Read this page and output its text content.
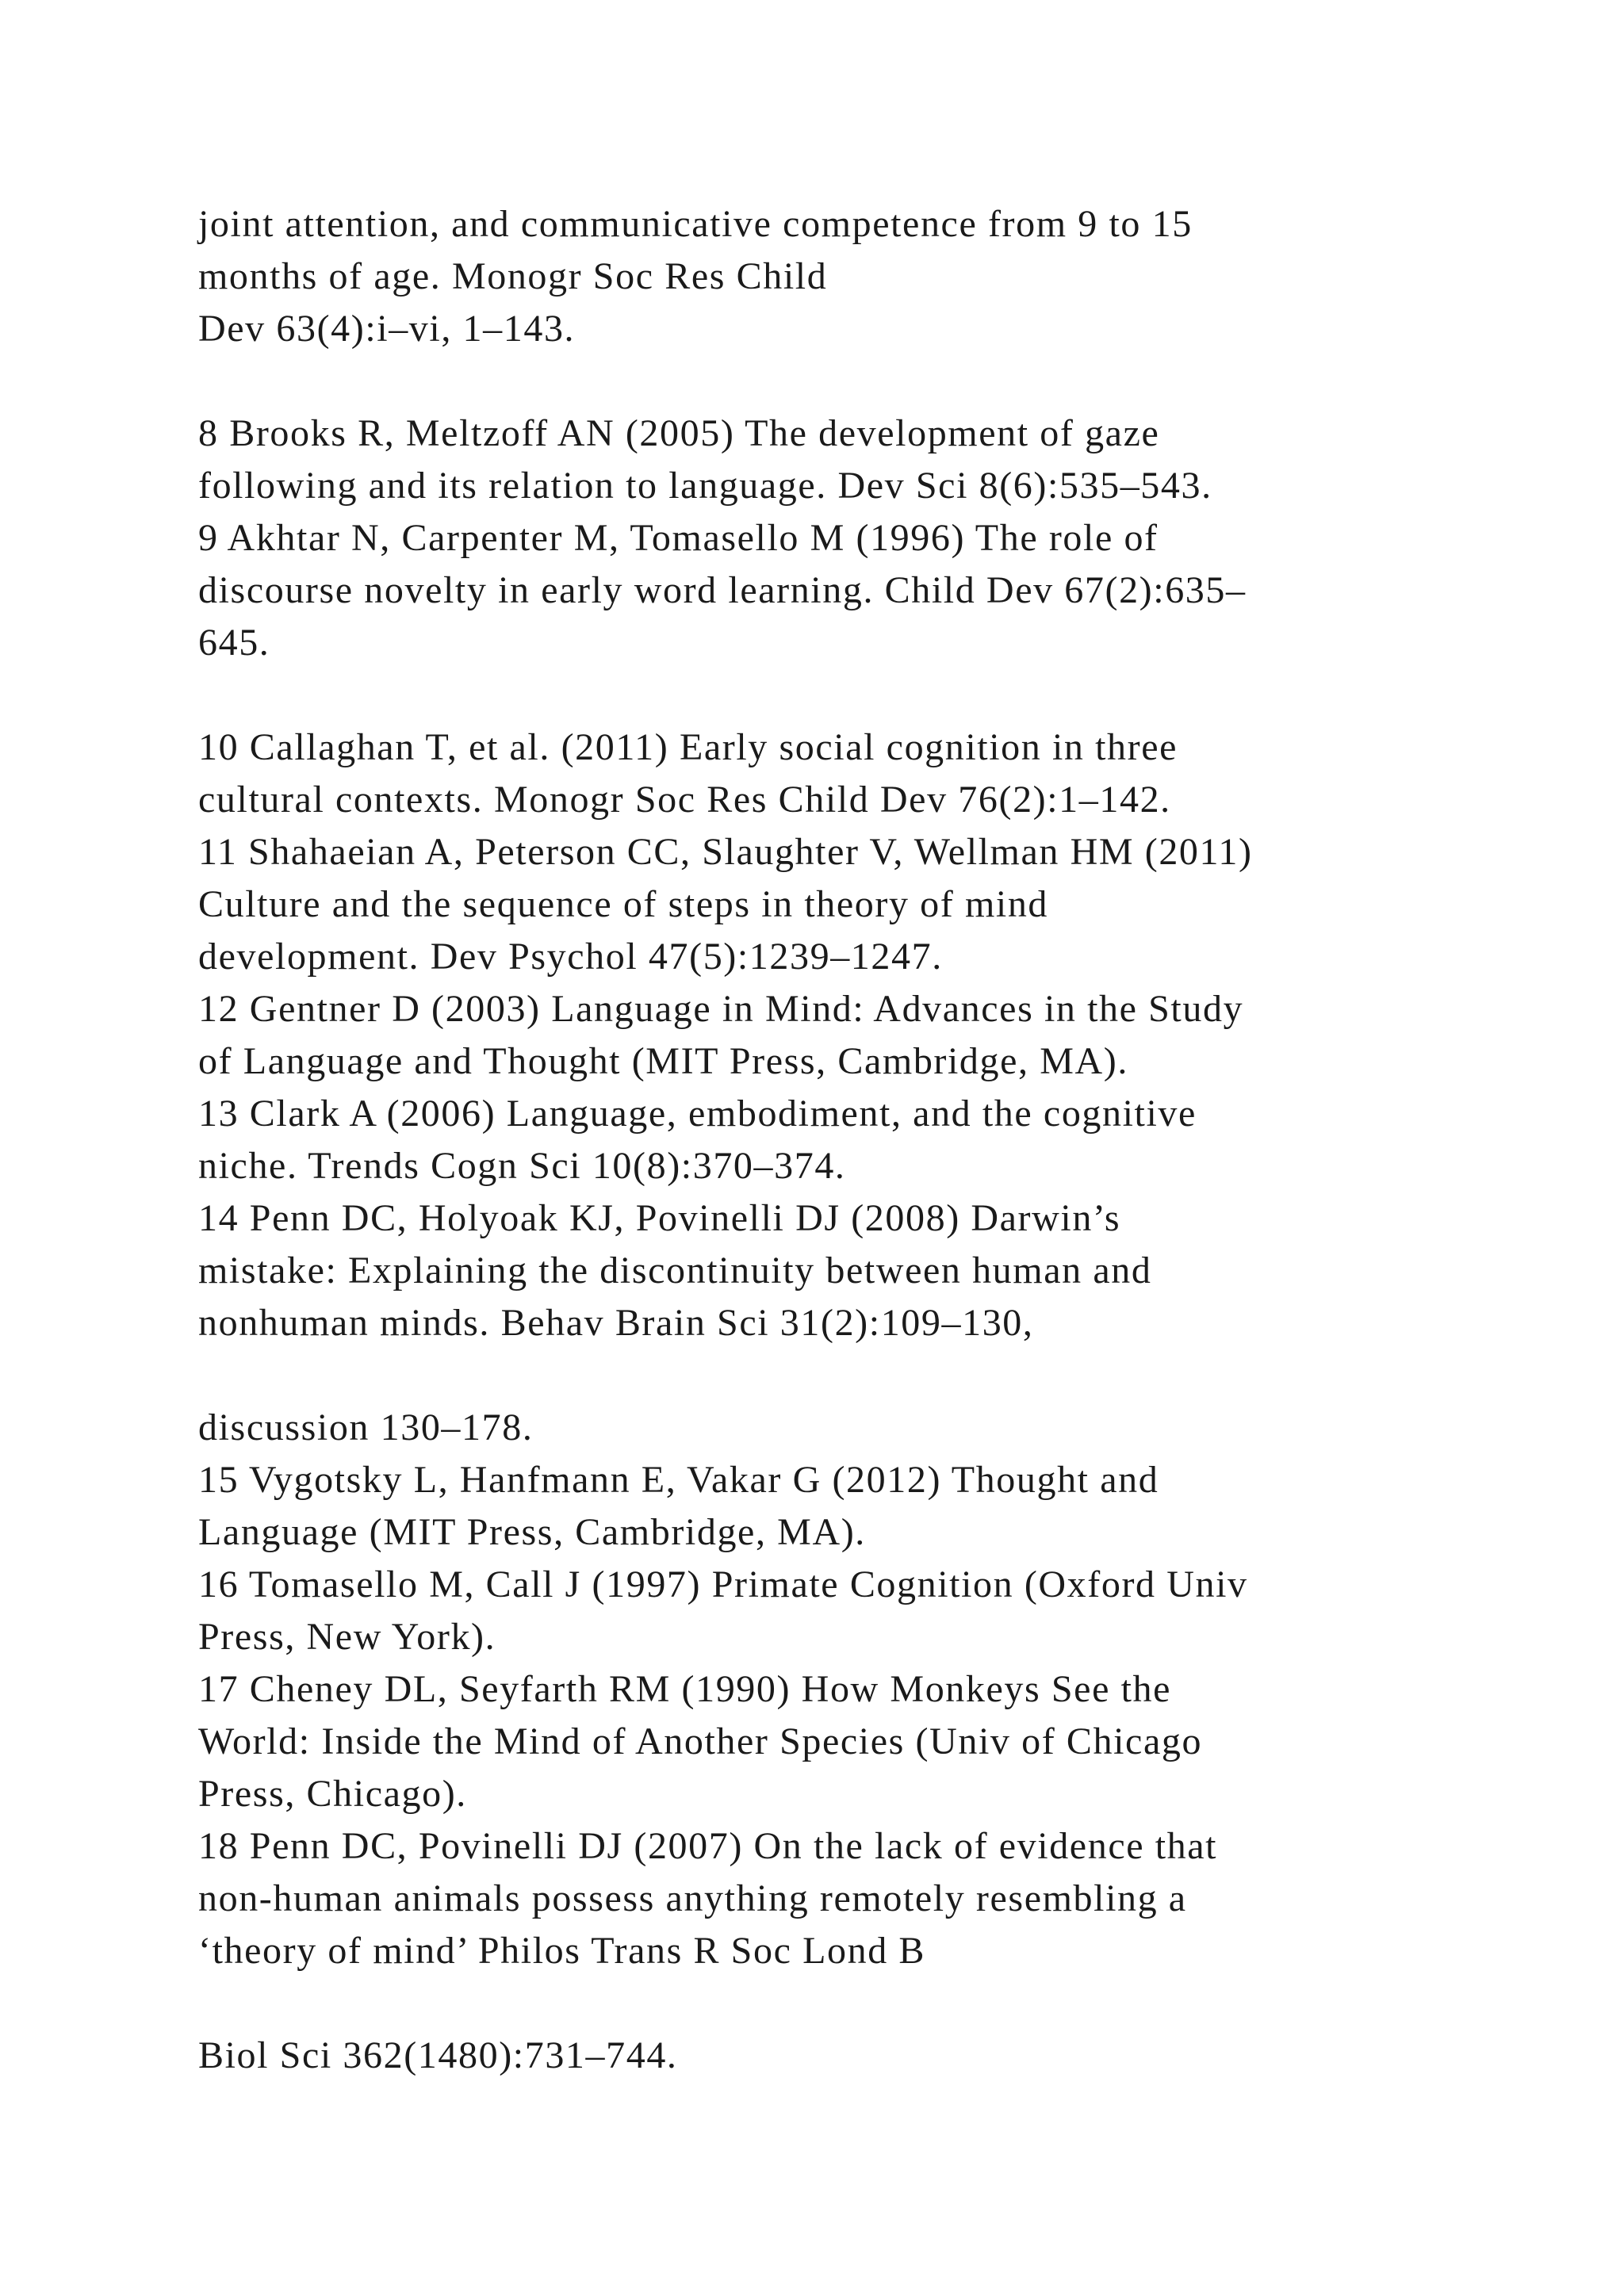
joint attention, and communicative competence from 9 to 15
months of age. Monogr Soc Res Child
Dev 63(4):i–vi, 1–143.
8 Brooks R, Meltzoff AN (2005) The development of gaze
following and its relation to language. Dev Sci 8(6):535–543.
9 Akhtar N, Carpenter M, Tomasello M (1996) The role of
discourse novelty in early word learning. Child Dev 67(2):635–
645.
10 Callaghan T, et al. (2011) Early social cognition in three
cultural contexts. Monogr Soc Res Child Dev 76(2):1–142.
11 Shahaeian A, Peterson CC, Slaughter V, Wellman HM (2011)
Culture and the sequence of steps in theory of mind
development. Dev Psychol 47(5):1239–1247.
12 Gentner D (2003) Language in Mind: Advances in the Study
of Language and Thought (MIT Press, Cambridge, MA).
13 Clark A (2006) Language, embodiment, and the cognitive
niche. Trends Cogn Sci 10(8):370–374.
14 Penn DC, Holyoak KJ, Povinelli DJ (2008) Darwin’s
mistake: Explaining the discontinuity between human and
nonhuman minds. Behav Brain Sci 31(2):109–130,
discussion 130–178.
15 Vygotsky L, Hanfmann E, Vakar G (2012) Thought and
Language (MIT Press, Cambridge, MA).
16 Tomasello M, Call J (1997) Primate Cognition (Oxford Univ
Press, New York).
17 Cheney DL, Seyfarth RM (1990) How Monkeys See the
World: Inside the Mind of Another Species (Univ of Chicago
Press, Chicago).
18 Penn DC, Povinelli DJ (2007) On the lack of evidence that
non-human animals possess anything remotely resembling a
‘theory of mind’ Philos Trans R Soc Lond B
Biol Sci 362(1480):731–744.
